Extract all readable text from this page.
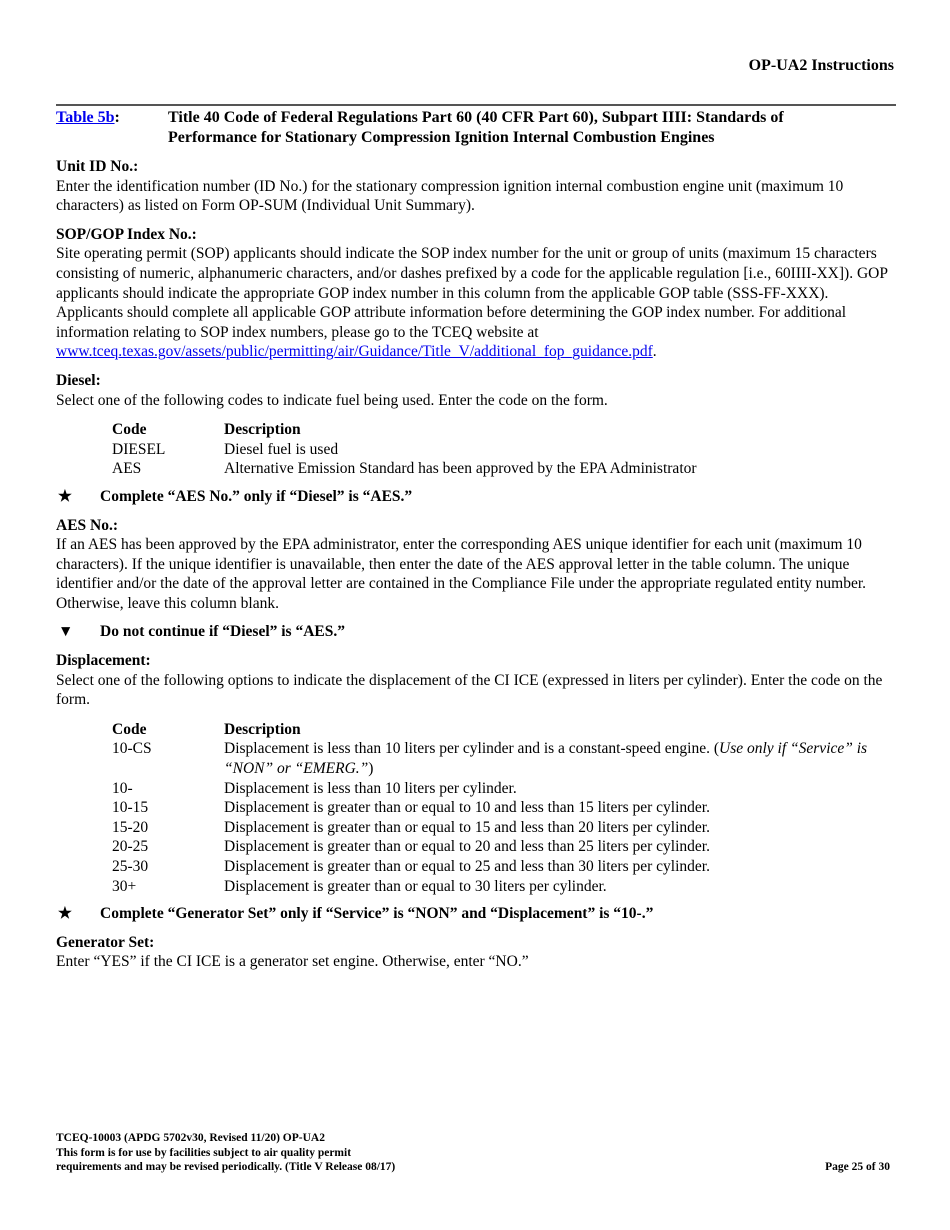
OP-UA2 Instructions
Table 5b:	Title 40 Code of Federal Regulations Part 60 (40 CFR Part 60), Subpart IIII: Standards of Performance for Stationary Compression Ignition Internal Combustion Engines
Unit ID No.:
Enter the identification number (ID No.) for the stationary compression ignition internal combustion engine unit (maximum 10 characters) as listed on Form OP-SUM (Individual Unit Summary).
SOP/GOP Index No.:
Site operating permit (SOP) applicants should indicate the SOP index number for the unit or group of units (maximum 15 characters consisting of numeric, alphanumeric characters, and/or dashes prefixed by a code for the applicable regulation [i.e., 60IIII-XX]). GOP applicants should indicate the appropriate GOP index number in this column from the applicable GOP table (SSS-FF-XXX). Applicants should complete all applicable GOP attribute information before determining the GOP index number. For additional information relating to SOP index numbers, please go to the TCEQ website at www.tceq.texas.gov/assets/public/permitting/air/Guidance/Title_V/additional_fop_guidance.pdf.
Diesel:
Select one of the following codes to indicate fuel being used. Enter the code on the form.
Code	Description
DIESEL	Diesel fuel is used
AES	Alternative Emission Standard has been approved by the EPA Administrator
★	Complete “AES No.” only if “Diesel” is “AES.”
AES No.:
If an AES has been approved by the EPA administrator, enter the corresponding AES unique identifier for each unit (maximum 10 characters). If the unique identifier is unavailable, then enter the date of the AES approval letter in the table column. The unique identifier and/or the date of the approval letter are contained in the Compliance File under the appropriate regulated entity number. Otherwise, leave this column blank.
▼	Do not continue if “Diesel” is “AES.”
Displacement:
Select one of the following options to indicate the displacement of the CI ICE (expressed in liters per cylinder). Enter the code on the form.
Code	Description
10-CS	Displacement is less than 10 liters per cylinder and is a constant-speed engine. (Use only if “Service” is “NON” or “EMERG.”)
10-	Displacement is less than 10 liters per cylinder.
10-15	Displacement is greater than or equal to 10 and less than 15 liters per cylinder.
15-20	Displacement is greater than or equal to 15 and less than 20 liters per cylinder.
20-25	Displacement is greater than or equal to 20 and less than 25 liters per cylinder.
25-30	Displacement is greater than or equal to 25 and less than 30 liters per cylinder.
30+	Displacement is greater than or equal to 30 liters per cylinder.
★	Complete “Generator Set” only if “Service” is “NON” and “Displacement” is “10-.”
Generator Set:
Enter “YES” if the CI ICE is a generator set engine. Otherwise, enter “NO.”
TCEQ-10003 (APDG 5702v30, Revised 11/20) OP-UA2
This form is for use by facilities subject to air quality permit
requirements and may be revised periodically. (Title V Release 08/17)	Page 25 of 30
